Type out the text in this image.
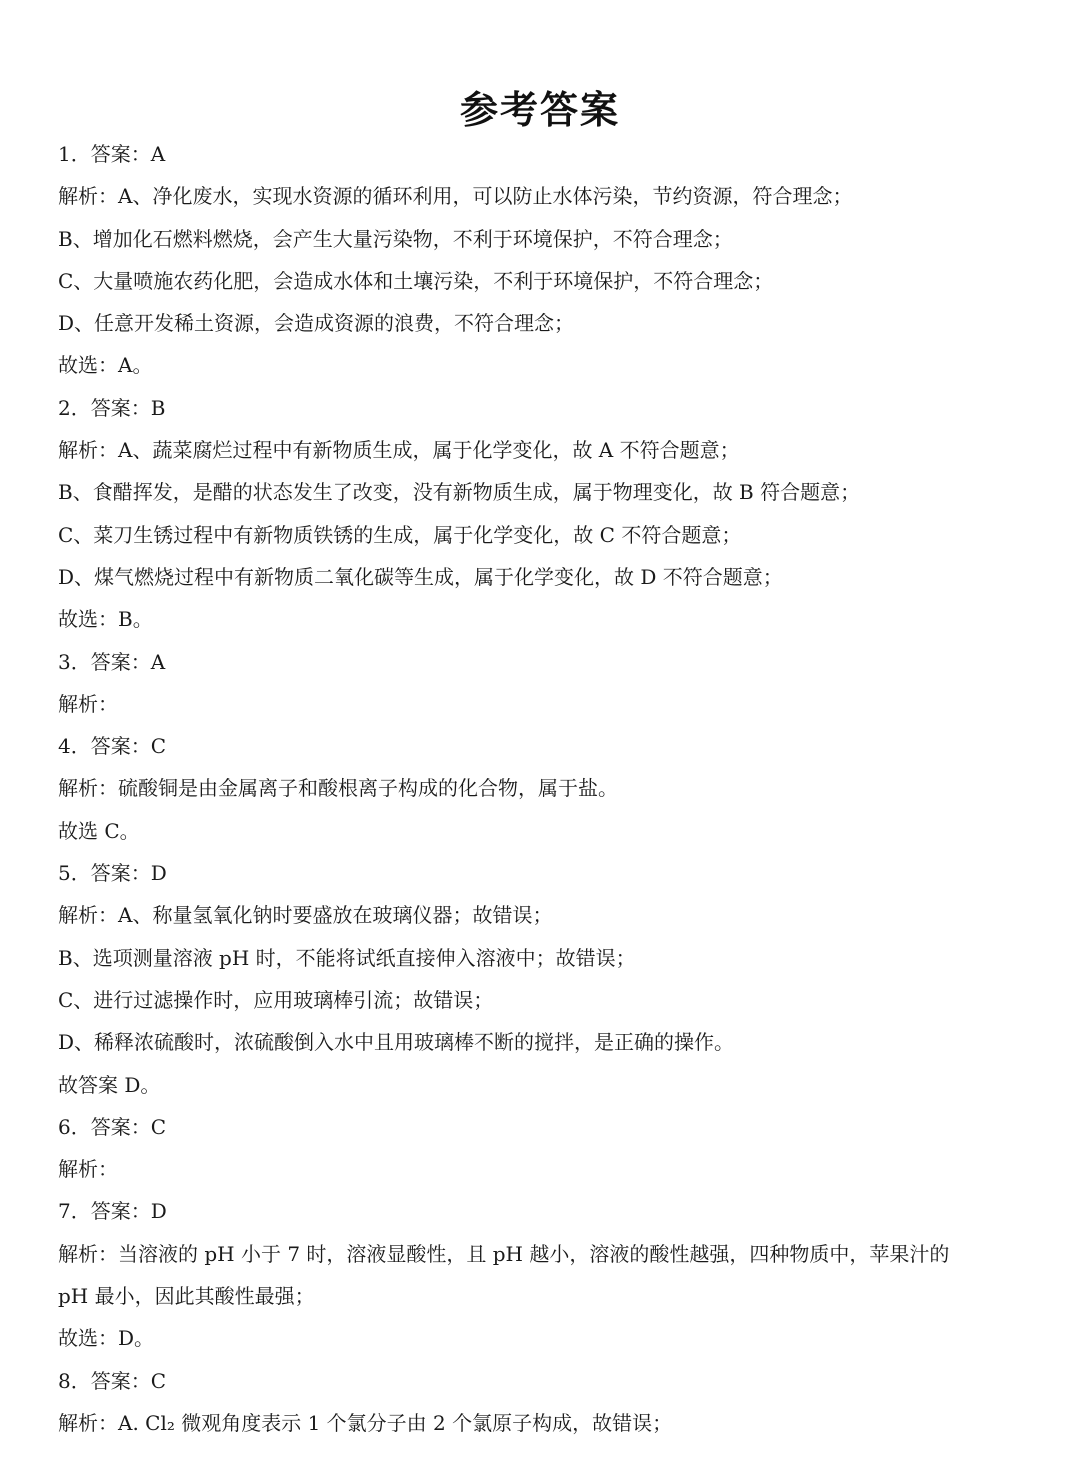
参考答案
1．答案：A
解析：A、净化废水，实现水资源的循环利用，可以防止水体污染，节约资源，符合理念；
B、增加化石燃料燃烧，会产生大量污染物，不利于环境保护，不符合理念；
C、大量喷施农药化肥，会造成水体和土壤污染，不利于环境保护，不符合理念；
D、任意开发稀土资源，会造成资源的浪费，不符合理念；
故选：A。
2．答案：B
解析：A、蔬菜腐烂过程中有新物质生成，属于化学变化，故 A 不符合题意；
B、食醋挥发，是醋的状态发生了改变，没有新物质生成，属于物理变化，故 B 符合题意；
C、菜刀生锈过程中有新物质铁锈的生成，属于化学变化，故 C 不符合题意；
D、煤气燃烧过程中有新物质二氧化碳等生成，属于化学变化，故 D 不符合题意；
故选：B。
3．答案：A
解析：
4．答案：C
解析：硫酸铜是由金属离子和酸根离子构成的化合物，属于盐。
故选 C。
5．答案：D
解析：A、称量氢氧化钠时要盛放在玻璃仪器；故错误；
B、选项测量溶液 pH 时，不能将试纸直接伸入溶液中；故错误；
C、进行过滤操作时，应用玻璃棒引流；故错误；
D、稀释浓硫酸时，浓硫酸倒入水中且用玻璃棒不断的搅拌，是正确的操作。
故答案 D。
6．答案：C
解析：
7．答案：D
解析：当溶液的 pH 小于 7 时，溶液显酸性，且 pH 越小，溶液的酸性越强，四种物质中，苹果汁的
pH 最小，因此其酸性最强；
故选：D。
8．答案：C
解析：A. Cl₂ 微观角度表示 1 个氯分子由 2 个氯原子构成，故错误；
